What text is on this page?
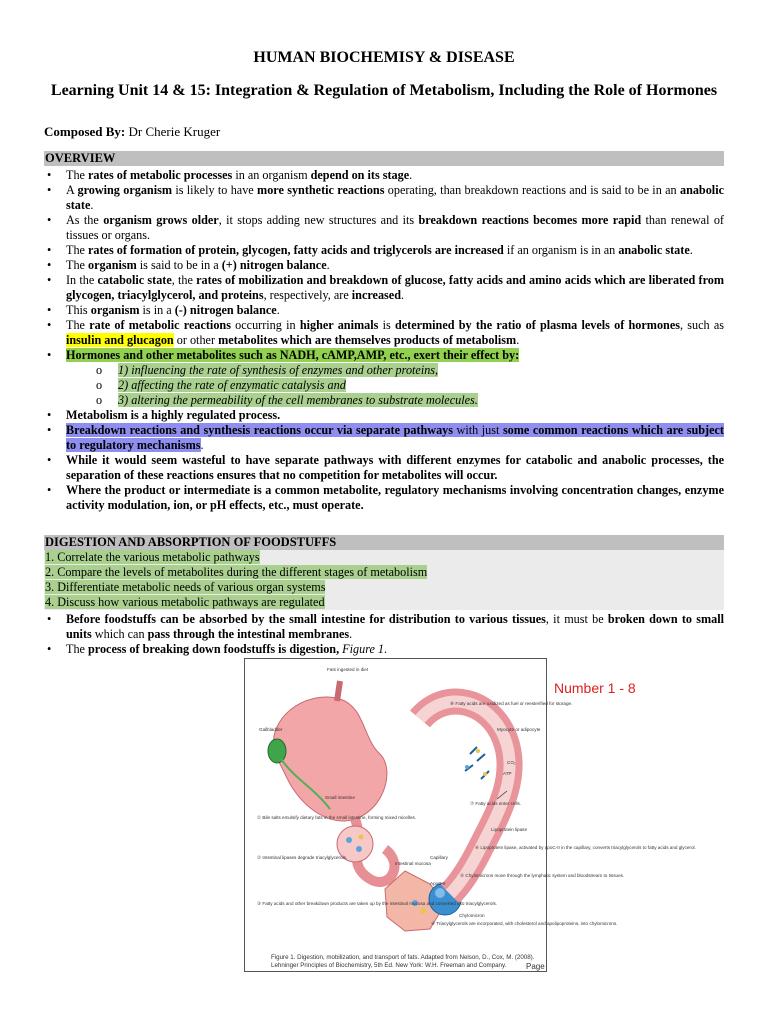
HUMAN BIOCHEMISY & DISEASE
Learning Unit 14 & 15: Integration & Regulation of Metabolism, Including the Role of Hormones
Composed By: Dr Cherie Kruger
OVERVIEW
• The rates of metabolic processes in an organism depend on its stage.
• A growing organism is likely to have more synthetic reactions operating, than breakdown reactions and is said to be in an anabolic state.
• As the organism grows older, it stops adding new structures and its breakdown reactions becomes more rapid than renewal of tissues or organs.
• The rates of formation of protein, glycogen, fatty acids and triglycerols are increased if an organism is in an anabolic state.
• The organism is said to be in a (+) nitrogen balance.
• In the catabolic state, the rates of mobilization and breakdown of glucose, fatty acids and amino acids which are liberated from glycogen, triacylglycerol, and proteins, respectively, are increased.
• This organism is in a (-) nitrogen balance.
• The rate of metabolic reactions occurring in higher animals is determined by the ratio of plasma levels of hormones, such as insulin and glucagon or other metabolites which are themselves products of metabolism.
• Hormones and other metabolites such as NADH, cAMP,AMP, etc., exert their effect by:
o 1) influencing the rate of synthesis of enzymes and other proteins,
o 2) affecting the rate of enzymatic catalysis and
o 3) altering the permeability of the cell membranes to substrate molecules.
• Metabolism is a highly regulated process.
• Breakdown reactions and synthesis reactions occur via separate pathways with just some common reactions which are subject to regulatory mechanisms.
• While it would seem wasteful to have separate pathways with different enzymes for catabolic and anabolic processes, the separation of these reactions ensures that no competition for metabolites will occur.
• Where the product or intermediate is a common metabolite, regulatory mechanisms involving concentration changes, enzyme activity modulation, ion, or pH effects, etc., must operate.
DIGESTION AND ABSORPTION OF FOODSTUFFS
1. Correlate the various metabolic pathways
2. Compare the levels of metabolites during the different stages of metabolism
3. Differentiate metabolic needs of various organ systems
4. Discuss how various metabolic pathways are regulated
• Before foodstuffs can be absorbed by the small intestine for distribution to various tissues, it must be broken down to small units which can pass through the intestinal membranes.
• The process of breaking down foodstuffs is digestion, Figure 1.
Fats ingested in diet
Gallbladder
Small intestine
① Bile salts emulsify dietary fats in the small intestine, forming mixed micelles.
② Intestinal lipases degrade triacylglycerols.
③ Fatty acids and other breakdown products are taken up by the intestinal mucosa and converted into triacylglycerols.
④ Triacylglycerols are incorporated, with cholesterol and apolipoproteins, into chylomicrons.
⑤ Chylomicrons move through the lymphatic system and bloodstream to tissues.
⑥ Lipoprotein lipase, activated by apoC-II in the capillary, converts triacylglycerols to fatty acids and glycerol.
⑦ Fatty acids enter cells.
⑧ Fatty acids are oxidized as fuel or reesterified for storage.
Myocyte or adipocyte
Lipoprotein lipase
Capillary
Intestinal mucosa
Chylomicron
ApoC-II
CO₂
ATP
Figure 1. Digestion, mobilization, and transport of fats. Adapted from Nelson, D., Cox, M. (2008). Lehninger Principles of Biochemistry, 5th Ed. New York: W.H. Freeman and Company.	Page
Number 1 - 8
